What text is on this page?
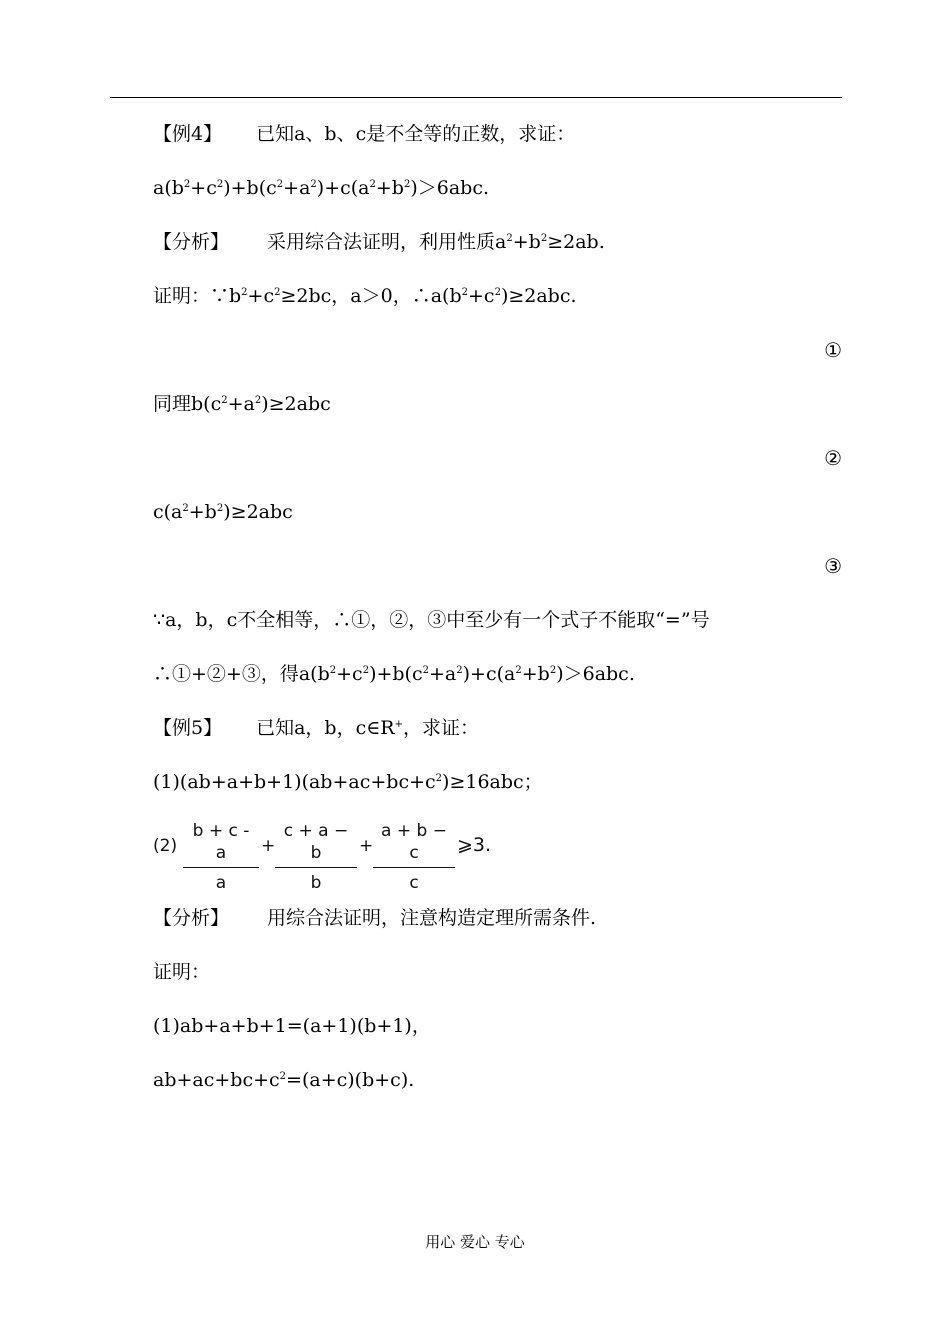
【例4】 已知a、b、c是不全等的正数，求证：
$a(b^2+c^2)+b(c^2+a^2)+c(a^2+b^2)>6abc$.
【分析】 采用综合法证明，利用性质$a^2+b^2\ge 2ab$.
证明：$\because b^2+c^2\ge 2bc$，a＞0，$\therefore a(b^2+c^2)\ge 2abc$.
①
同理$b(c^2+a^2)\ge 2abc$
②
$c(a^2+b^2)\ge 2abc$
③
∵a，b，c不全相等，∴①，②，③中至少有一个式子不能取“=”号
∴①+②+③，得$a(b^2+c^2)+b(c^2+a^2)+c(a^2+b^2)>6abc$.
【例5】 已知a，b，c∈R+，求证：
$(1)(ab+a+b+1)(ab+ac+bc+c^2)\ge 16abc$；
(2)
b + c - a
a
+
c + a − b
b
+
a + b − c
c
⩾3.
【分析】 用综合法证明，注意构造定理所需条件.
证明：
(1)ab+a+b+1=(a+1)(b+1)，
$ab+ac+bc+c^2=(a+c)(b+c)$.
用心 爱心 专心
